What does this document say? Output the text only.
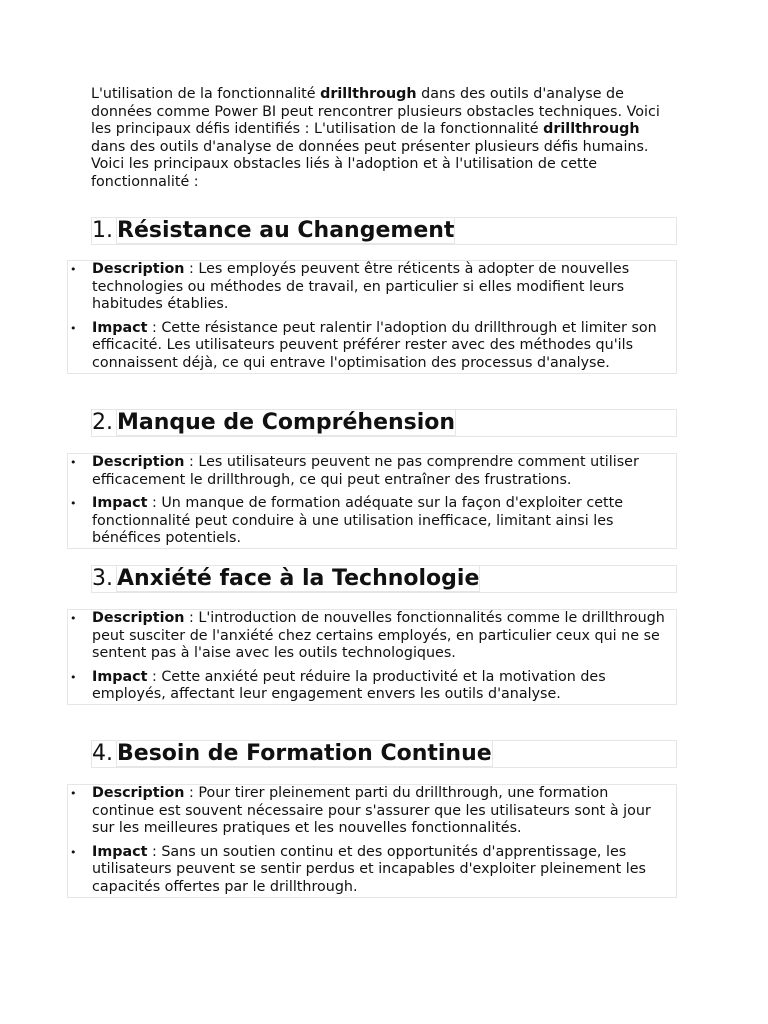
L'utilisation de la fonctionnalité drillthrough dans des outils d'analyse de données comme Power BI peut rencontrer plusieurs obstacles techniques. Voici les principaux défis identifiés : L'utilisation de la fonctionnalité drillthrough dans des outils d'analyse de données peut présenter plusieurs défis humains. Voici les principaux obstacles liés à l'adoption et à l'utilisation de cette fonctionnalité :
1. Résistance au Changement
• Description : Les employés peuvent être réticents à adopter de nouvelles technologies ou méthodes de travail, en particulier si elles modifient leurs habitudes établies.
• Impact : Cette résistance peut ralentir l'adoption du drillthrough et limiter son efficacité. Les utilisateurs peuvent préférer rester avec des méthodes qu'ils connaissent déjà, ce qui entrave l'optimisation des processus d'analyse.
2. Manque de Compréhension
• Description : Les utilisateurs peuvent ne pas comprendre comment utiliser efficacement le drillthrough, ce qui peut entraîner des frustrations.
• Impact : Un manque de formation adéquate sur la façon d'exploiter cette fonctionnalité peut conduire à une utilisation inefficace, limitant ainsi les bénéfices potentiels.
3. Anxiété face à la Technologie
• Description : L'introduction de nouvelles fonctionnalités comme le drillthrough peut susciter de l'anxiété chez certains employés, en particulier ceux qui ne se sentent pas à l'aise avec les outils technologiques.
• Impact : Cette anxiété peut réduire la productivité et la motivation des employés, affectant leur engagement envers les outils d'analyse.
4. Besoin de Formation Continue
• Description : Pour tirer pleinement parti du drillthrough, une formation continue est souvent nécessaire pour s'assurer que les utilisateurs sont à jour sur les meilleures pratiques et les nouvelles fonctionnalités.
• Impact : Sans un soutien continu et des opportunités d'apprentissage, les utilisateurs peuvent se sentir perdus et incapables d'exploiter pleinement les capacités offertes par le drillthrough.
